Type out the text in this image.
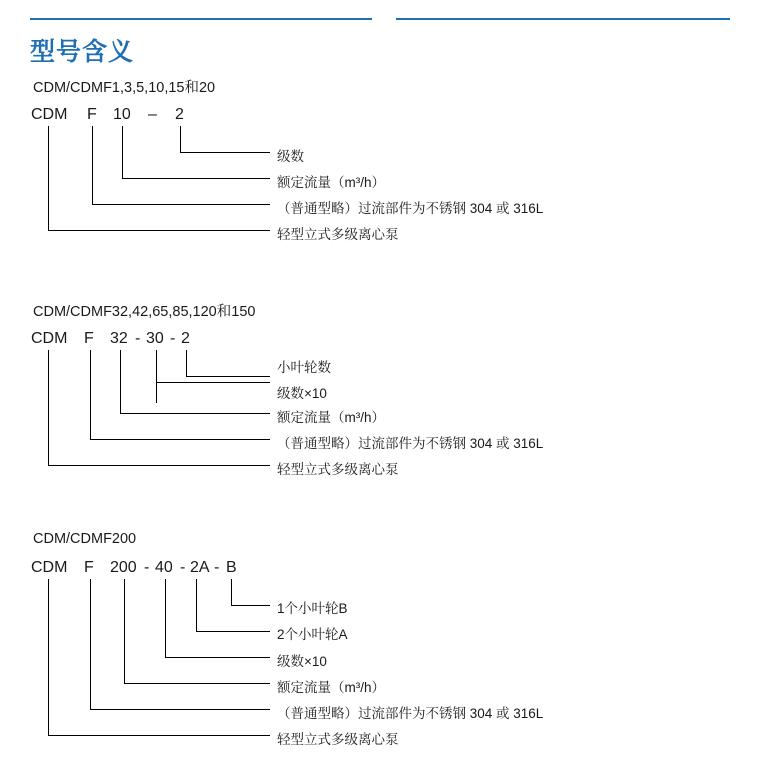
型号含义
CDM/CDMF1,3,5,10,15和20
CDM F 10 – 2
级数
额定流量（m³/h）
（普通型略）过流部件为不锈钢 304 或 316L
轻型立式多级离心泵
CDM/CDMF32,42,65,85,120和150
CDM F 32 - 30 - 2
小叶轮数
级数×10
额定流量（m³/h）
（普通型略）过流部件为不锈钢 304 或 316L
轻型立式多级离心泵
CDM/CDMF200
CDM F 200 - 40 - 2A - B
1个小叶轮B
2个小叶轮A
级数×10
额定流量（m³/h）
（普通型略）过流部件为不锈钢 304 或 316L
轻型立式多级离心泵
